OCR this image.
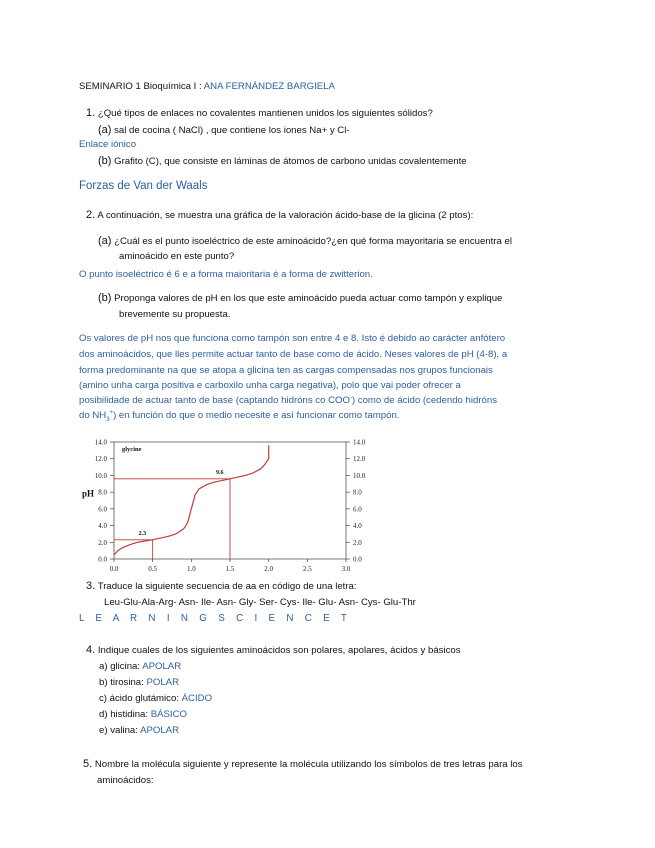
SEMINARIO 1 Bioquímica I : ANA FERNÁNDEZ BARGIELA
1. ¿Qué tipos de enlaces no covalentes mantienen unidos los siguientes sólidos?
(a) sal de cocina ( NaCl) , que contiene los iones Na+ y Cl-
Enlace iónico
(b) Grafito (C), que consiste en láminas de átomos de carbono unidas covalentemente
Forzas de Van der Waals
2. A continuación, se muestra una gráfica de la valoración ácido-base de la glicina (2 ptos):
(a) ¿Cuál es el punto isoeléctrico de este aminoácido?¿en qué forma mayoritaria se encuentra el
aminoácido en este punto?
O punto isoeléctrico é 6 e a forma maioritaria é a forma de zwitterion.
(b) Proponga valores de pH en los que este aminoácido pueda actuar como tampón y explique
brevemente su propuesta.
Os valores de pH nos que funciona como tampón son entre 4 e 8. Isto é debido ao carácter anfótero
dos aminoácidos, que lles permite actuar tanto de base como de ácido. Neses valores de pH (4-8), a
forma predominante na que se atopa a glicina ten as cargas compensadas nos grupos funcionais
(amino unha carga positiva e carboxilo unha carga negativa), polo que vai poder ofrecer a
posibilidade de actuar tanto de base (captando hidróns co COO-) como de ácido (cedendo hidróns
do $NH_3^+$) en función do que o medio necesite e así funcionar como tampón.
0.0	0.0
2.0	2.0
4.0	4.0
6.0	6.0
8.0	8.0
10.0	10.0
12.0	12.0
14.0	14.0
0.0	0.5	1.0	1.5	2.0	2.5	3.0
pH
glycine
2.3
9.6
3. Traduce la siguiente secuencia de aa en código de una letra:
Leu-Glu-Ala-Arg- Asn- Ile- Asn- Gly- Ser- Cys- Ile- Glu- Asn- Cys- Glu-Thr
L E A R N I N G S C I E N C E T
4. Indique cuales de los siguientes aminoácidos son polares, apolares, ácidos y básicos
a) glicina: APOLAR
b) tirosina: POLAR
c) ácido glutámico: ÁCIDO
d) histidina: BÁSICO
e) valina: APOLAR
5. Nombre la molécula siguiente y represente la molécula utilizando los símbolos de tres letras para los
aminoácidos:
